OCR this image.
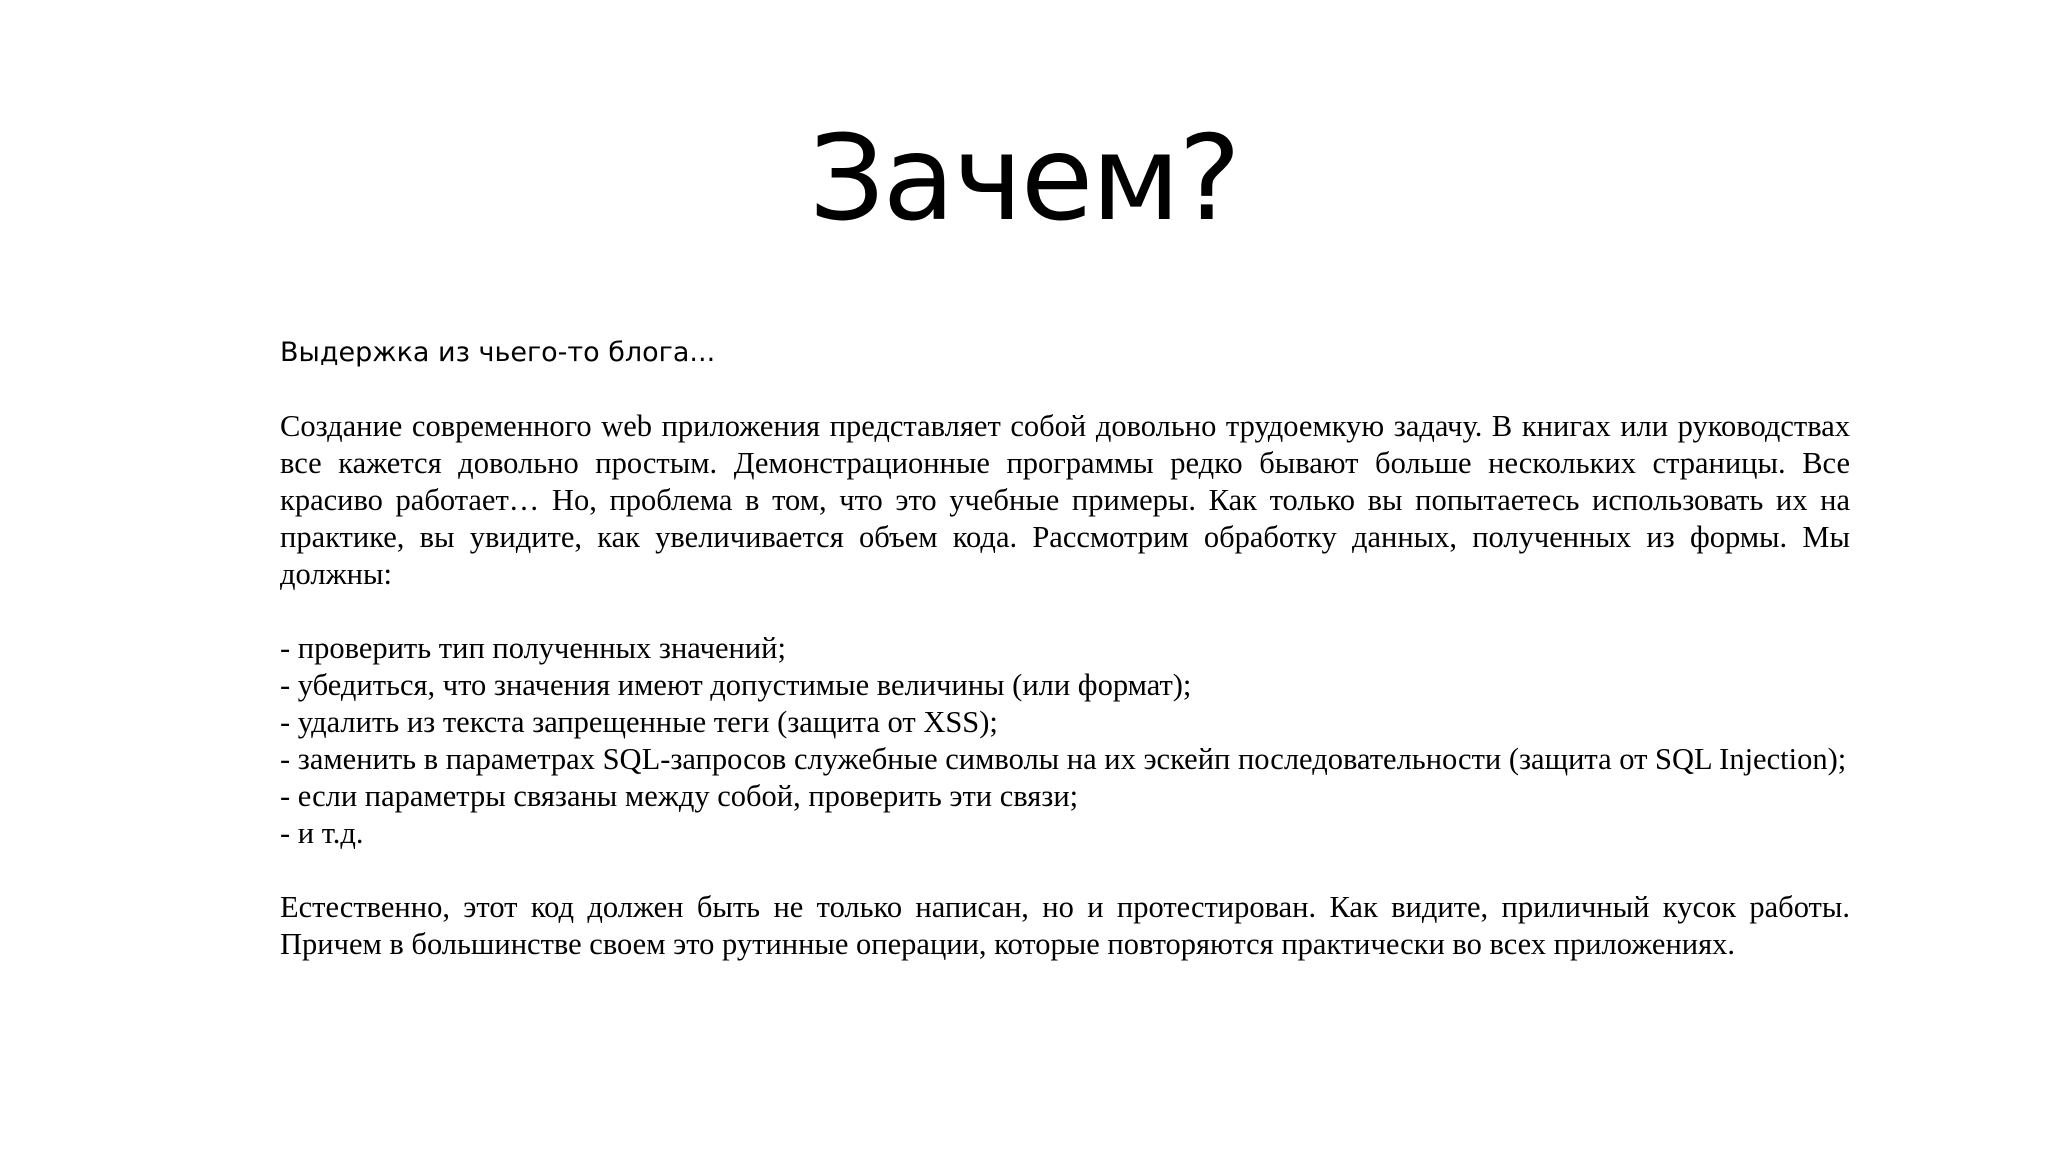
Зачем?

Выдержка из чьего-то блога...

Создание современного web приложения представляет собой довольно трудоемкую задачу. В книгах или руководствах все кажется довольно простым. Демонстрационные программы редко бывают больше нескольких страницы. Все красиво работает… Но, проблема в том, что это учебные примеры. Как только вы попытаетесь использовать их на практике, вы увидите, как увеличивается объем кода. Рассмотрим обработку данных, полученных из формы. Мы должны:

- проверить тип полученных значений;
- убедиться, что значения имеют допустимые величины (или формат);
- удалить из текста запрещенные теги (защита от XSS);
- заменить в параметрах SQL-запросов служебные символы на их эскейп последовательности (защита от SQL Injection);
- если параметры связаны между собой, проверить эти связи;
- и т.д.

Естественно, этот код должен быть не только написан, но и протестирован. Как видите, приличный кусок работы. Причем в большинстве своем это рутинные операции, которые повторяются практически во всех приложениях.
